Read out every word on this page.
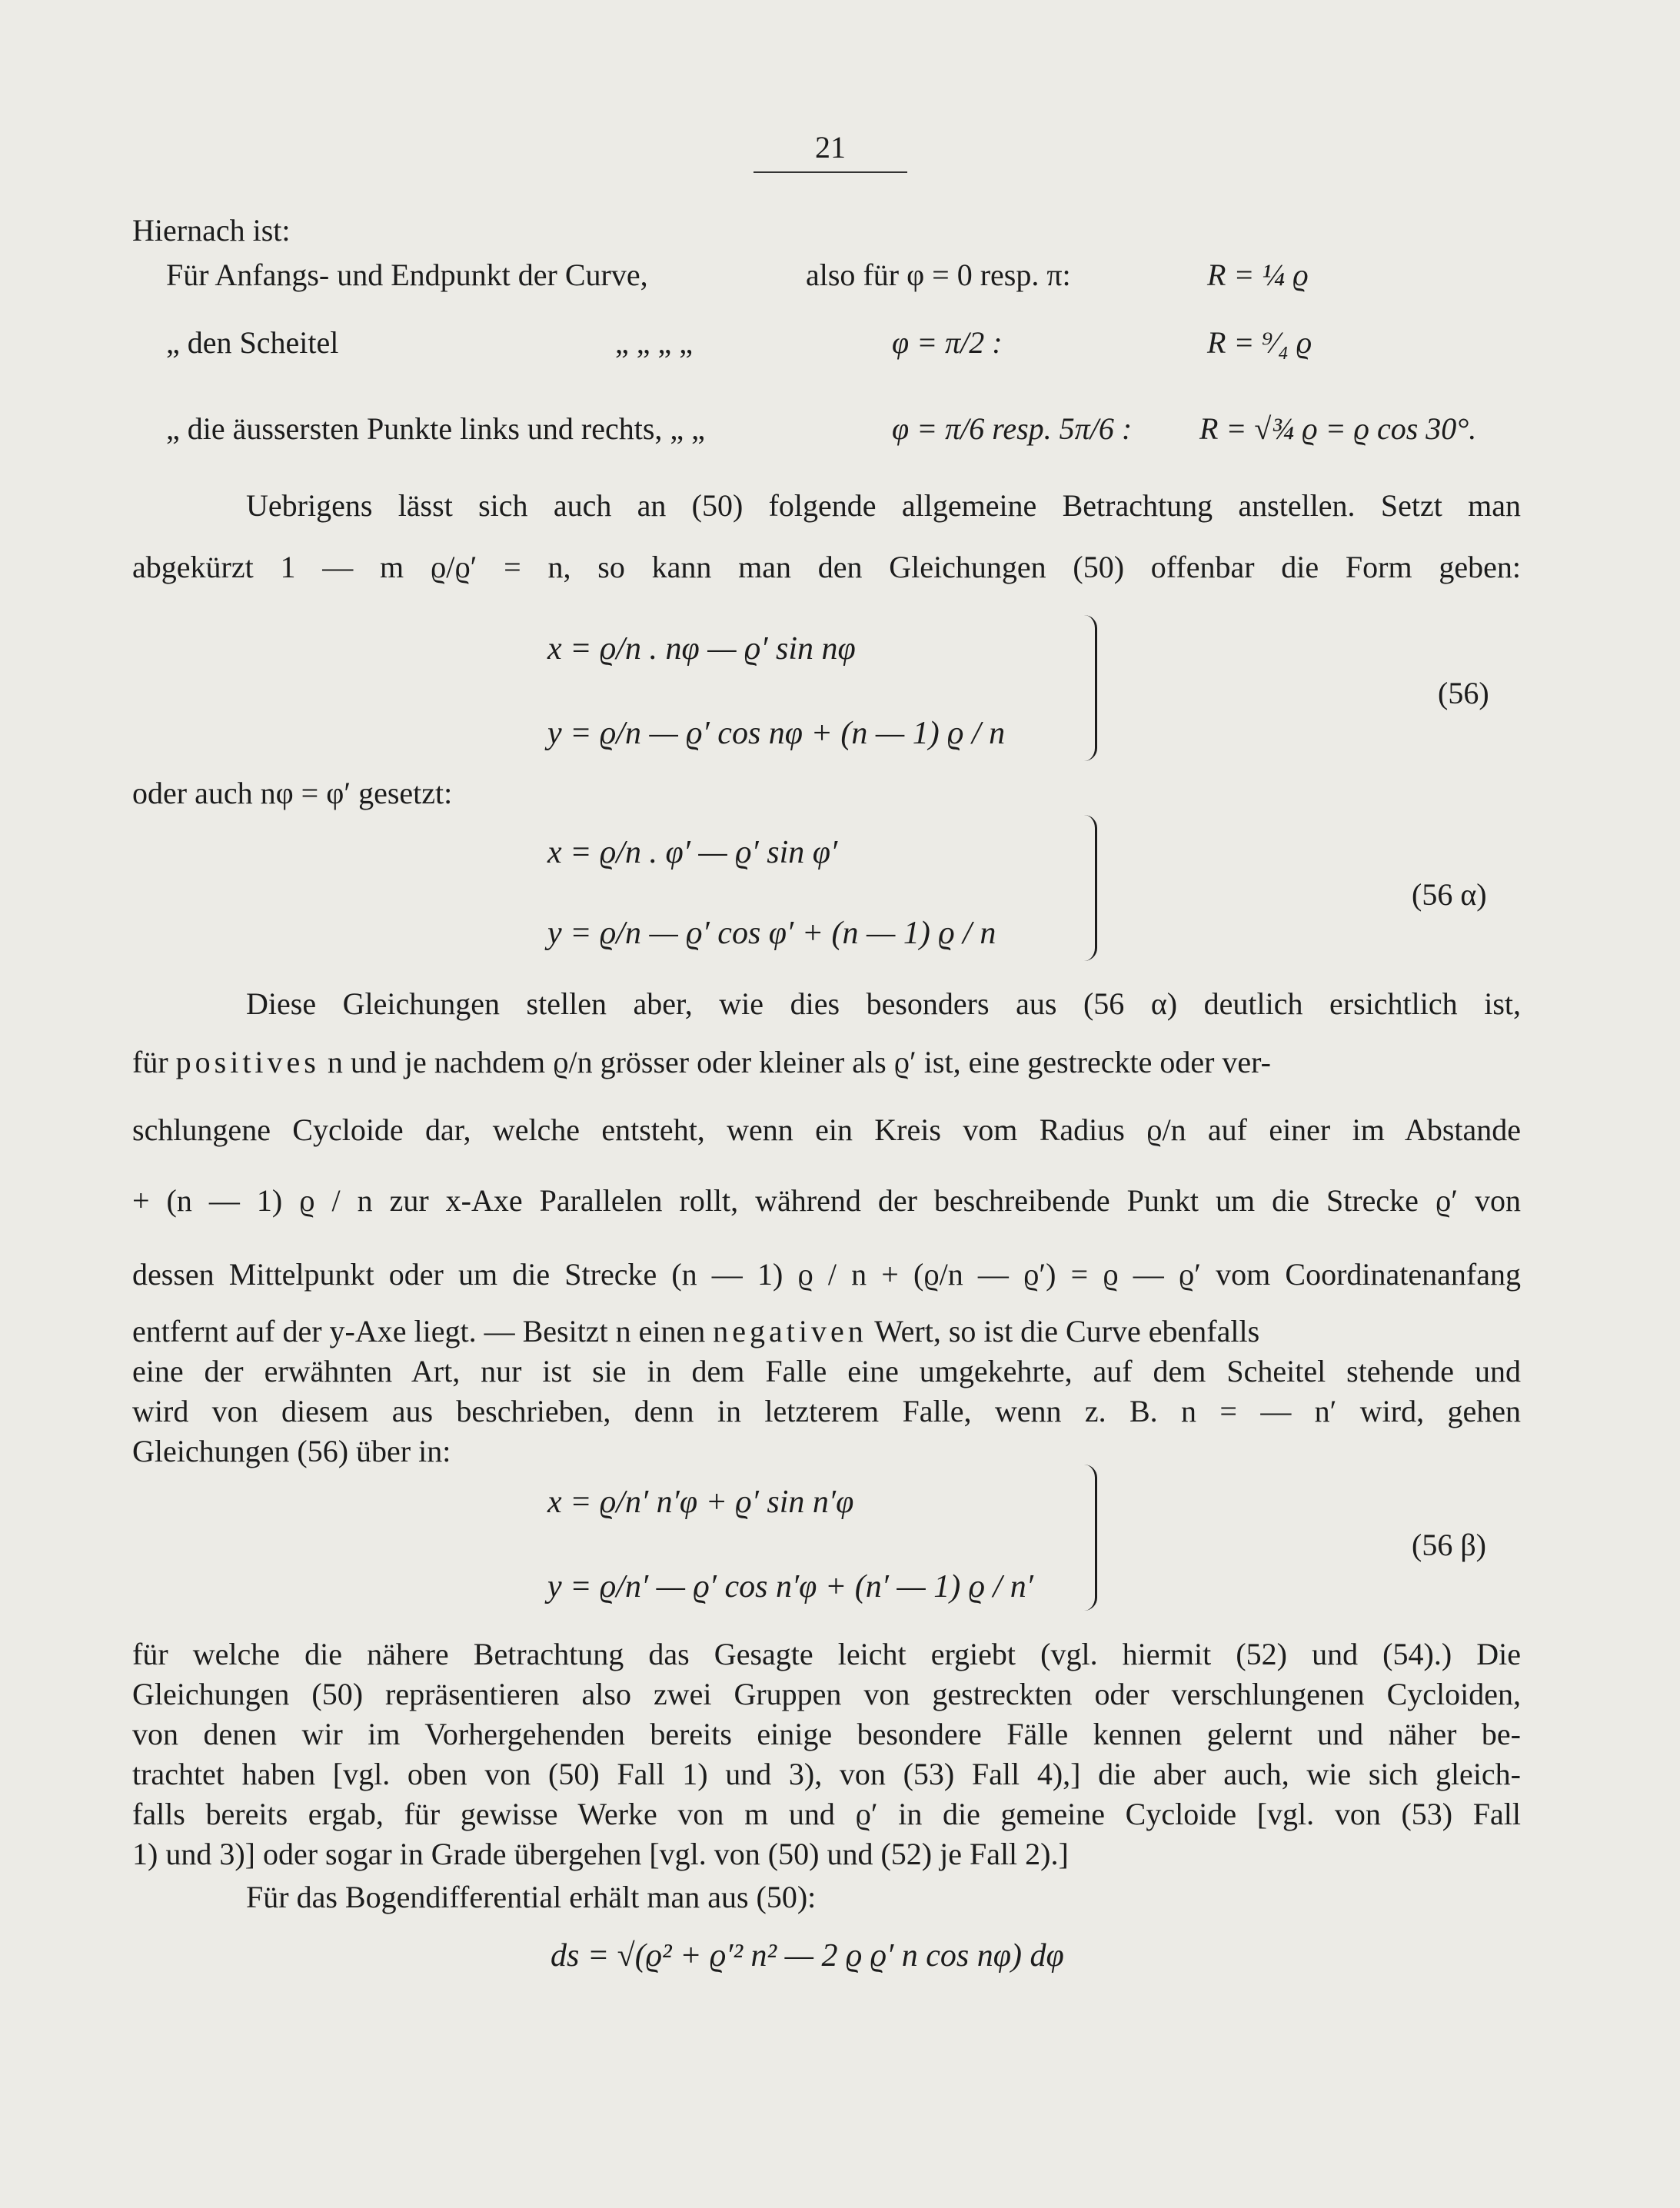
21
Hiernach ist:
Für Anfangs- und Endpunkt der Curve,	also für φ = 0 resp. π:	R = ¼ ϱ
„ den Scheitel	„ „ „ „	φ = π/2 :	R = ⁹⁄₄ ϱ
„ die äussersten Punkte links und rechts, „ „	φ = π/6 resp. 5π/6 : R = √¾ ϱ = ϱ cos 30°.
Uebrigens lässt sich auch an (50) folgende allgemeine Betrachtung anstellen. Setzt man
abgekürzt 1 — m ϱ/ϱ′ = n, so kann man den Gleichungen (50) offenbar die Form geben:
x = ϱ/n . nφ — ϱ′ sin nφ
y = ϱ/n — ϱ′ cos nφ + (n — 1) ϱ / n
(56)
oder auch nφ = φ′ gesetzt:
x = ϱ/n . φ′ — ϱ′ sin φ′
y = ϱ/n — ϱ′ cos φ′ + (n — 1) ϱ / n
(56 α)
Diese Gleichungen stellen aber, wie dies besonders aus (56 α) deutlich ersichtlich ist,
für positives n und je nachdem ϱ/n grösser oder kleiner als ϱ′ ist, eine gestreckte oder ver-
schlungene Cycloide dar, welche entsteht, wenn ein Kreis vom Radius ϱ/n auf einer im Abstande
+ (n — 1) ϱ / n zur x-Axe Parallelen rollt, während der beschreibende Punkt um die Strecke ϱ′ von
dessen Mittelpunkt oder um die Strecke (n — 1) ϱ / n + (ϱ/n — ϱ′) = ϱ — ϱ′ vom Coordinatenanfang
entfernt auf der y-Axe liegt. — Besitzt n einen negativen Wert, so ist die Curve ebenfalls
eine der erwähnten Art, nur ist sie in dem Falle eine umgekehrte, auf dem Scheitel stehende und
wird von diesem aus beschrieben, denn in letzterem Falle, wenn z. B. n = — n′ wird, gehen
Gleichungen (56) über in:
x = ϱ/n′ n′φ + ϱ′ sin n′φ
y = ϱ/n′ — ϱ′ cos n′φ + (n′ — 1) ϱ / n′
(56 β)
für welche die nähere Betrachtung das Gesagte leicht ergiebt (vgl. hiermit (52) und (54).) Die
Gleichungen (50) repräsentieren also zwei Gruppen von gestreckten oder verschlungenen Cycloiden,
von denen wir im Vorhergehenden bereits einige besondere Fälle kennen gelernt und näher be-
trachtet haben [vgl. oben von (50) Fall 1) und 3), von (53) Fall 4),] die aber auch, wie sich gleich-
falls bereits ergab, für gewisse Werke von m und ϱ′ in die gemeine Cycloide [vgl. von (53) Fall
1) und 3)] oder sogar in Grade übergehen [vgl. von (50) und (52) je Fall 2).]
Für das Bogendifferential erhält man aus (50):
ds = √(ϱ² + ϱ′² n² — 2 ϱ ϱ′ n cos nφ) dφ
